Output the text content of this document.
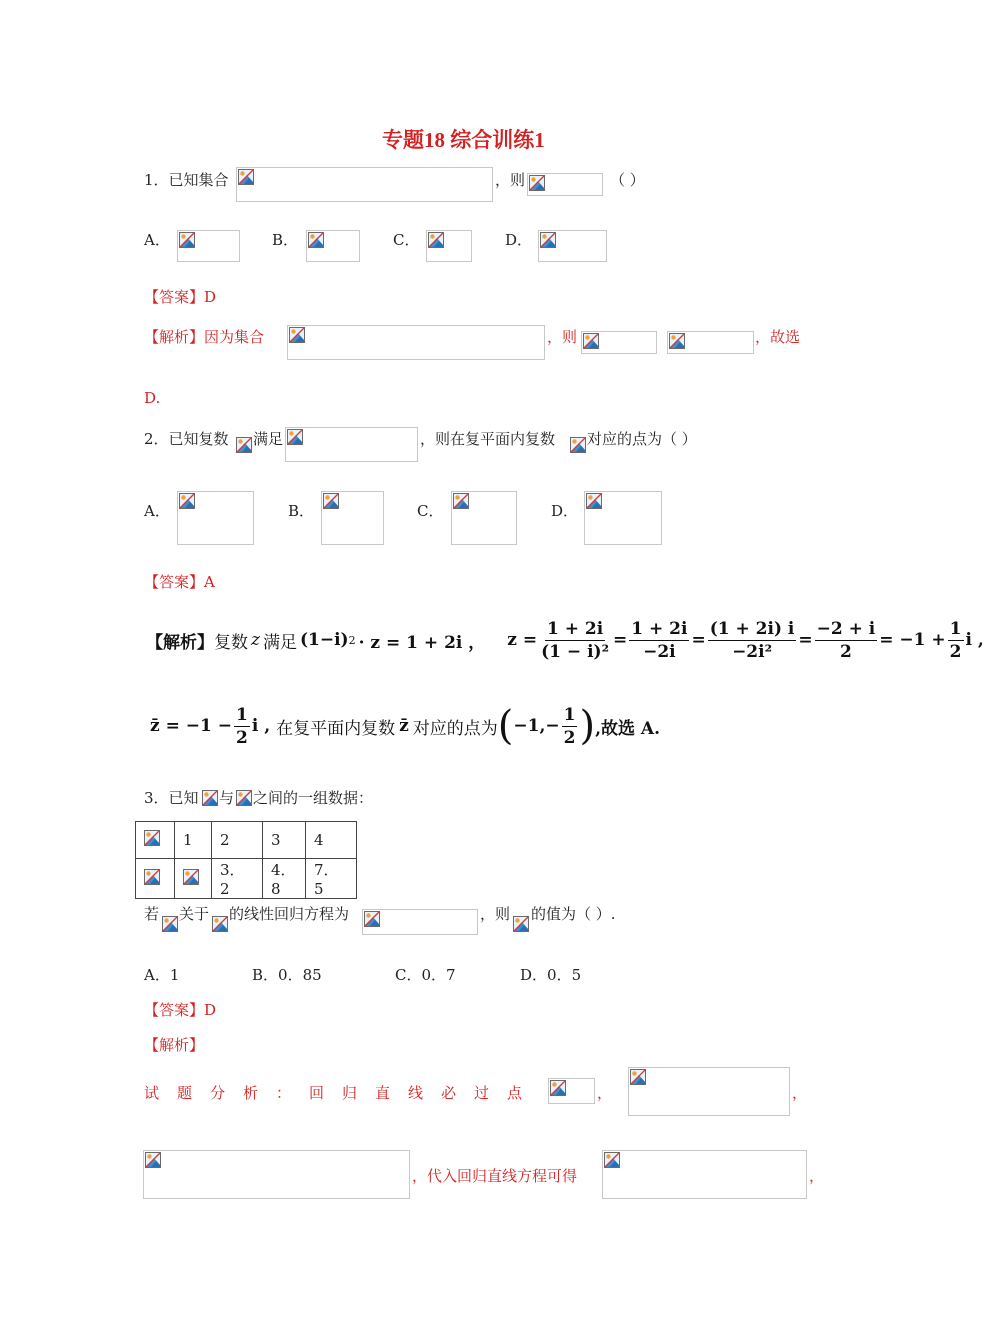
专题18 综合训练1
1．已知集合	，则	（ ）
A．	B．	C．	D．
【答案】D
【解析】因为集合	，则	，故选
D.
2．已知复数 满足	，则在复平面内复数 对应的点为（ ）
A．	B．	C．	D．
【答案】A
【解析】 复数 z 满足 (1−i) 2 · z = 1 + 2i ， $z = \frac{1 + 2i}{\text{(1 − i)²}} = \frac{1 + 2i}{-2i} = \frac{(1 + 2i) i}{\text{−2i²}} = \frac{-2 + i}{2} = -1 + \frac{1}{2}$ i ,
z̄ = $-1 - \frac{1}{2}$ i , 在复平面内复数 z̄ 对应的点为 ( $-1,- \frac{1}{2}$ ) ,故选 A.
3．已知 与 之间的一组数据：
	1	2	3	4
		3．2	4．8	7．5
若 关于 的线性回归方程为	，则 的值为（ ）.
A．1	B．0．85	C．0．7	D．0．5
【答案】D
【解析】
试题分析：回归直线必过点	，	，
，代入回归直线方程可得	，
